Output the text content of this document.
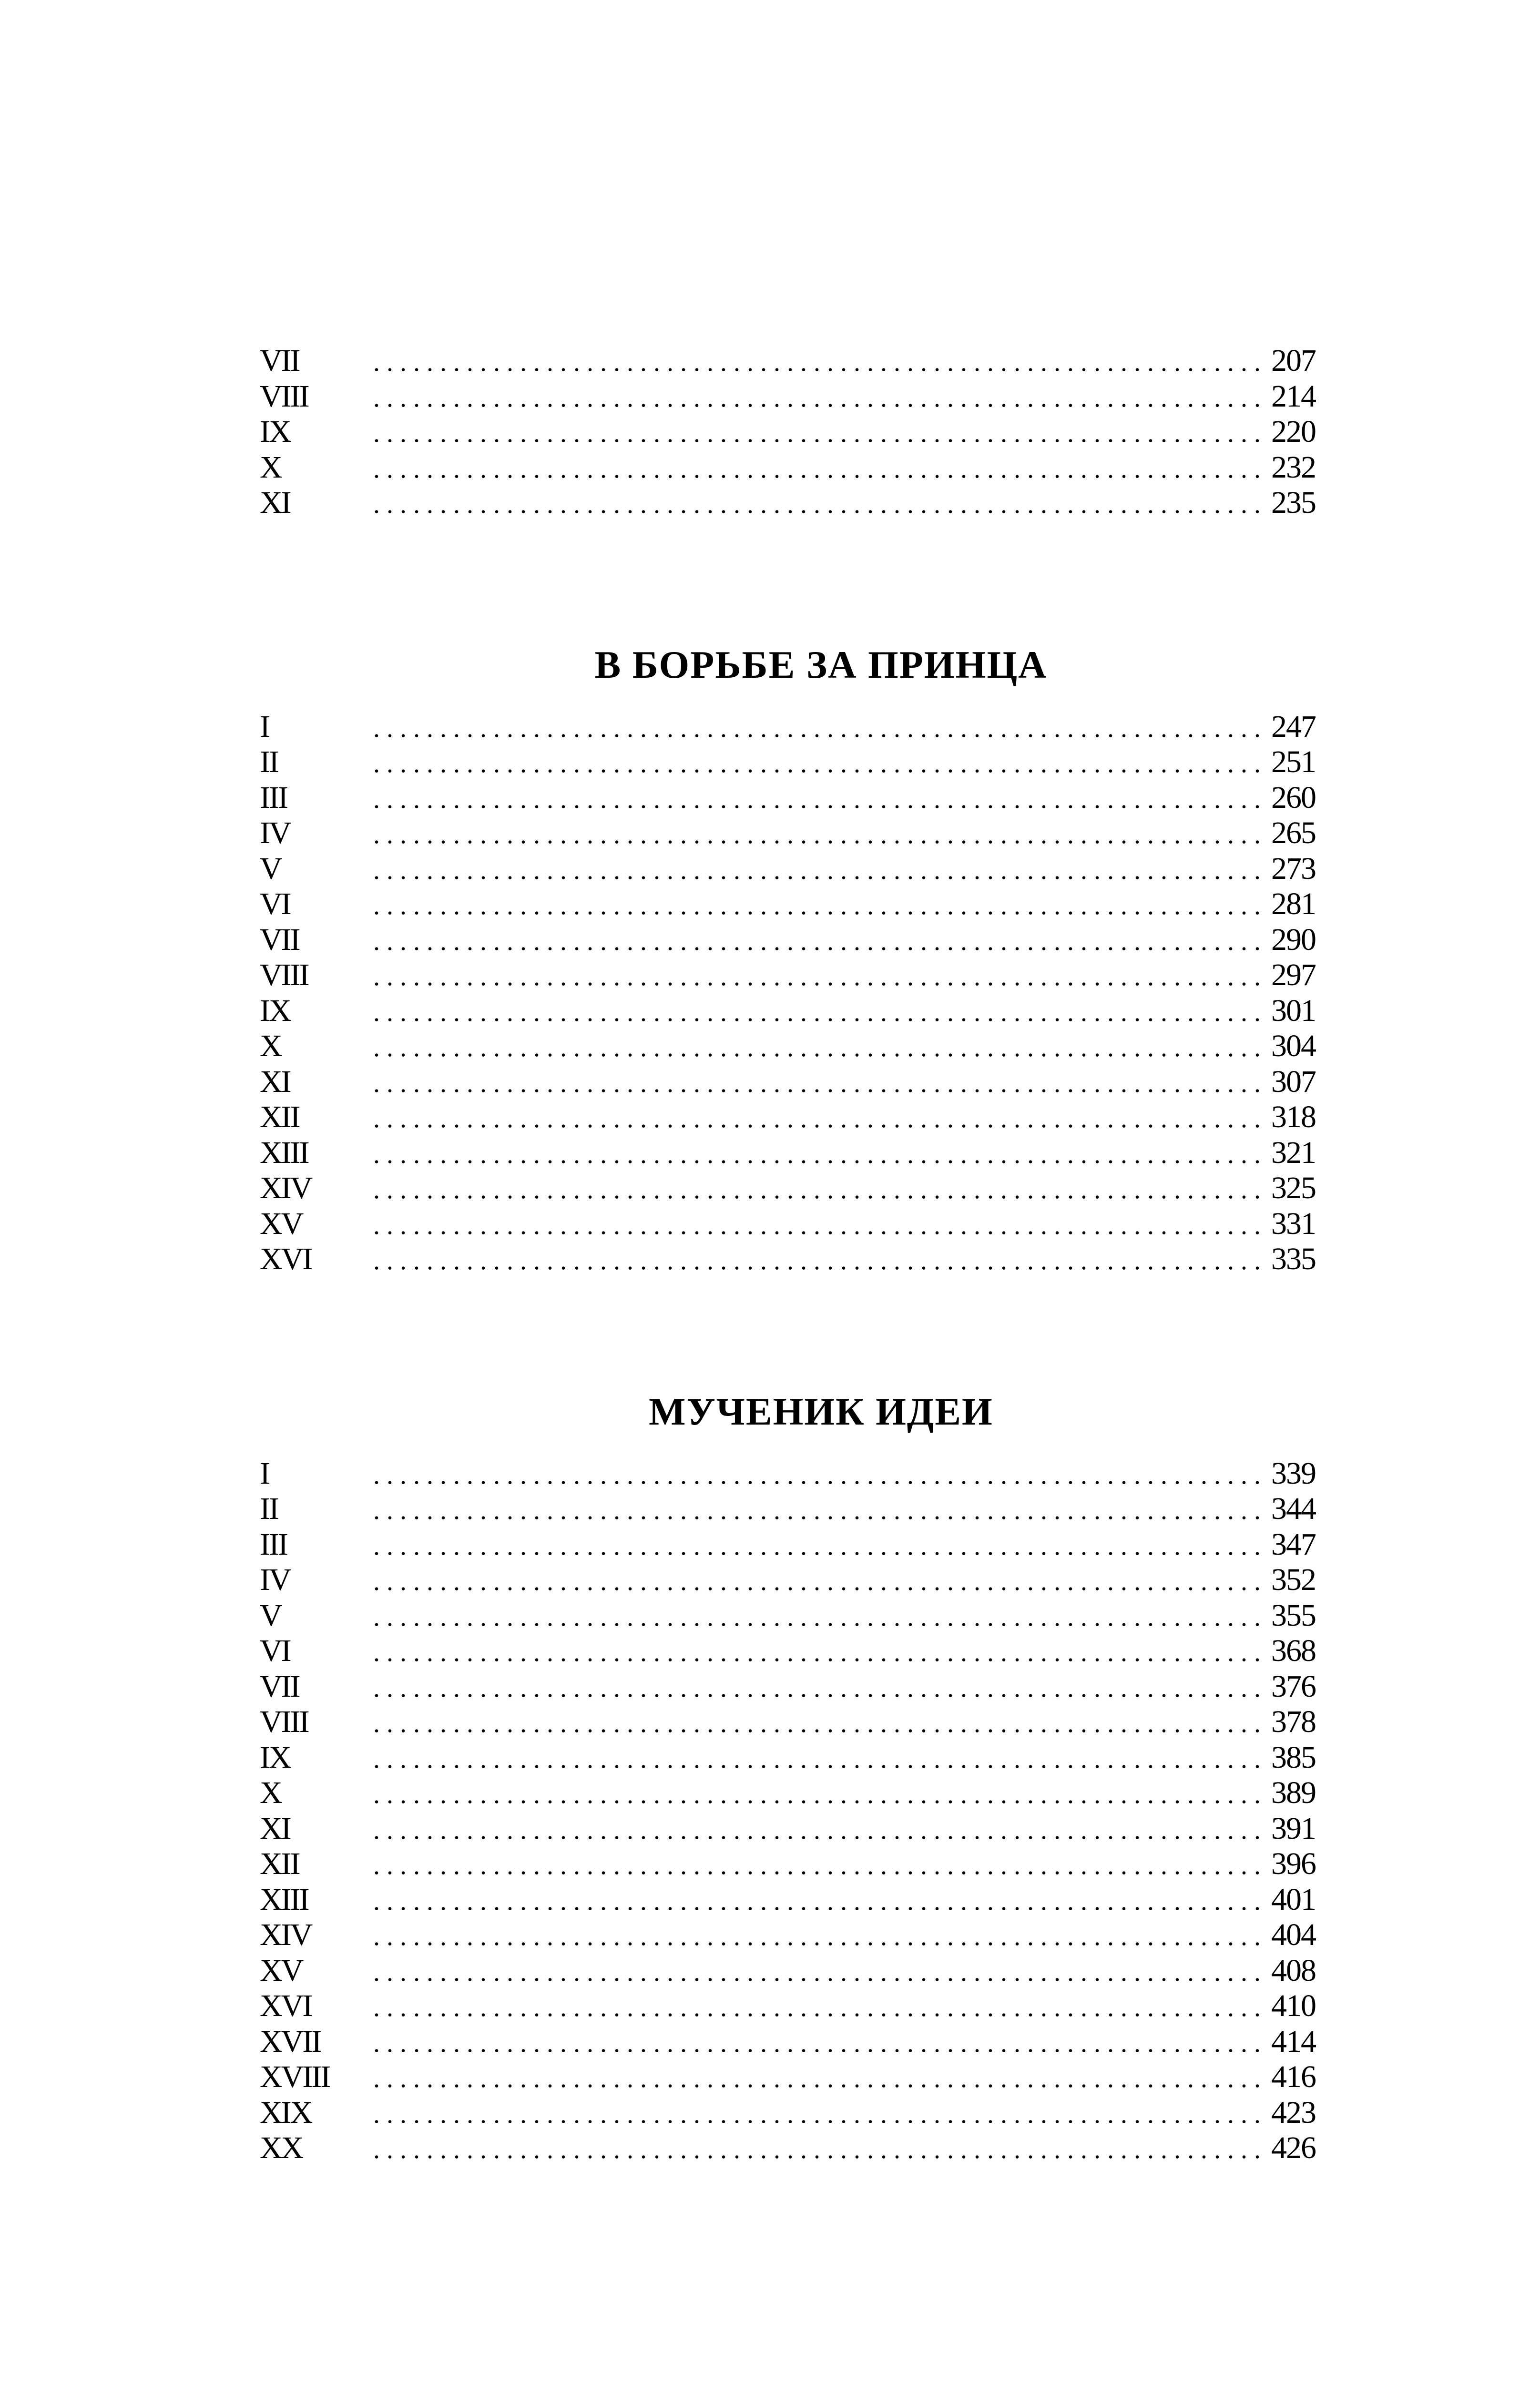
VII . . .	207
VIII . . .	214
IX . . .	220
X . . .	232
XI . . .	235
В БОРЬБЕ ЗА ПРИНЦА
I . . .	247
II . . .	251
III . . .	260
IV . . .	265
V . . .	273
VI . . .	281
VII . . .	290
VIII . . .	297
IX . . .	301
X . . .	304
XI . . .	307
XII . . .	318
XIII . . .	321
XIV . . .	325
XV . . .	331
XVI . . .	335
МУЧЕНИК ИДЕИ
I . . .	339
II . . .	344
III . . .	347
IV . . .	352
V . . .	355
VI . . .	368
VII . . .	376
VIII . . .	378
IX . . .	385
X . . .	389
XI . . .	391
XII . . .	396
XIII . . .	401
XIV . . .	404
XV . . .	408
XVI . . .	410
XVII . . .	414
XVIII . . .	416
XIX . . .	423
XX . . .	426
